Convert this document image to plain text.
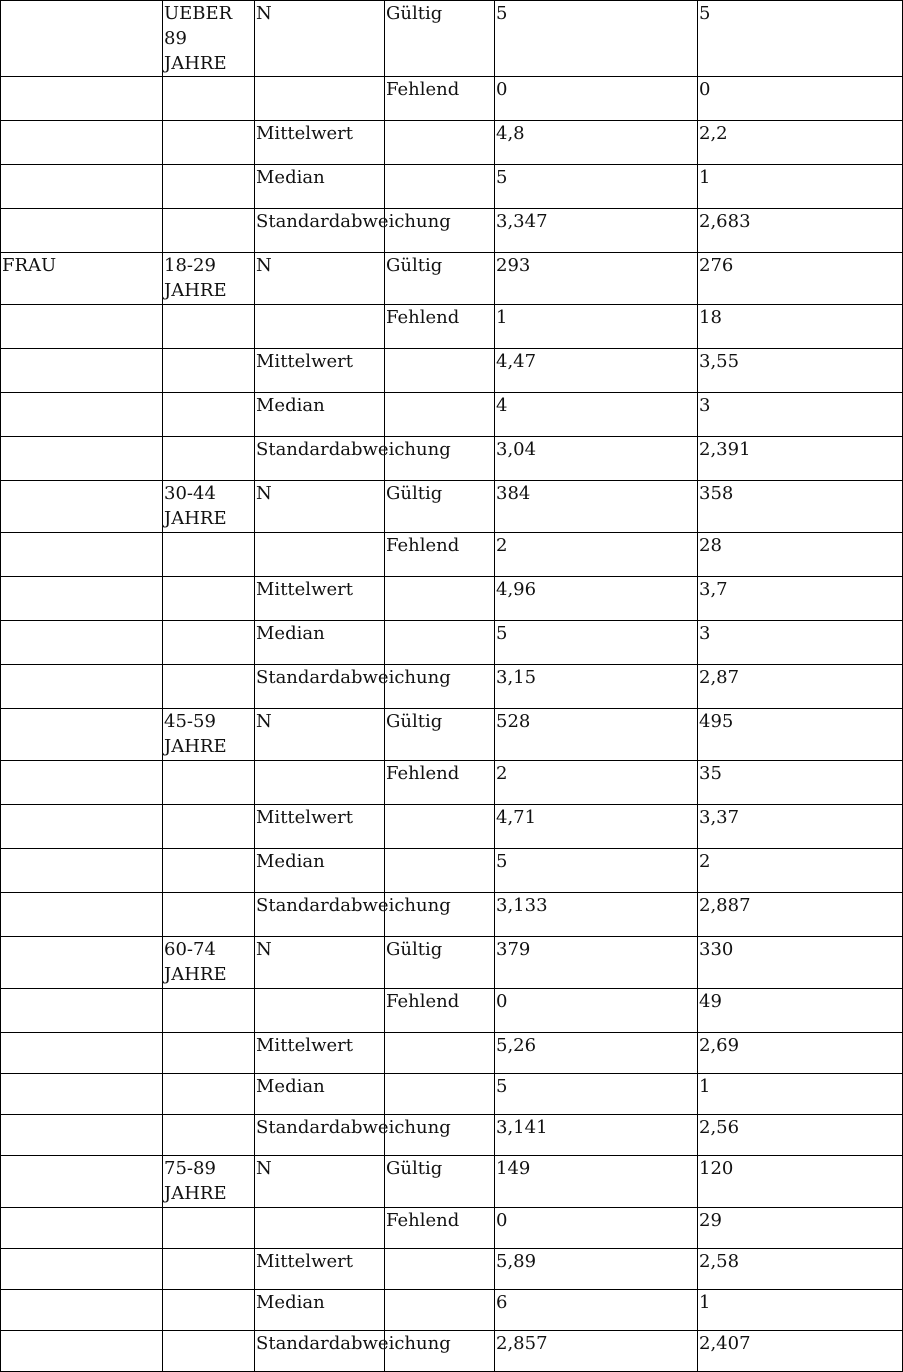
	UEBER 89 JAHRE	N	Gültig	5	5
			Fehlend	0	0
		Mittelwert		4,8	2,2
		Median		5	1
		Standardabweichung		3,347	2,683
FRAU	18-29 JAHRE	N	Gültig	293	276
			Fehlend	1	18
		Mittelwert		4,47	3,55
		Median		4	3
		Standardabweichung		3,04	2,391
	30-44 JAHRE	N	Gültig	384	358
			Fehlend	2	28
		Mittelwert		4,96	3,7
		Median		5	3
		Standardabweichung		3,15	2,87
	45-59 JAHRE	N	Gültig	528	495
			Fehlend	2	35
		Mittelwert		4,71	3,37
		Median		5	2
		Standardabweichung		3,133	2,887
	60-74 JAHRE	N	Gültig	379	330
			Fehlend	0	49
		Mittelwert		5,26	2,69
		Median		5	1
		Standardabweichung		3,141	2,56
	75-89 JAHRE	N	Gültig	149	120
			Fehlend	0	29
		Mittelwert		5,89	2,58
		Median		6	1
		Standardabweichung		2,857	2,407
